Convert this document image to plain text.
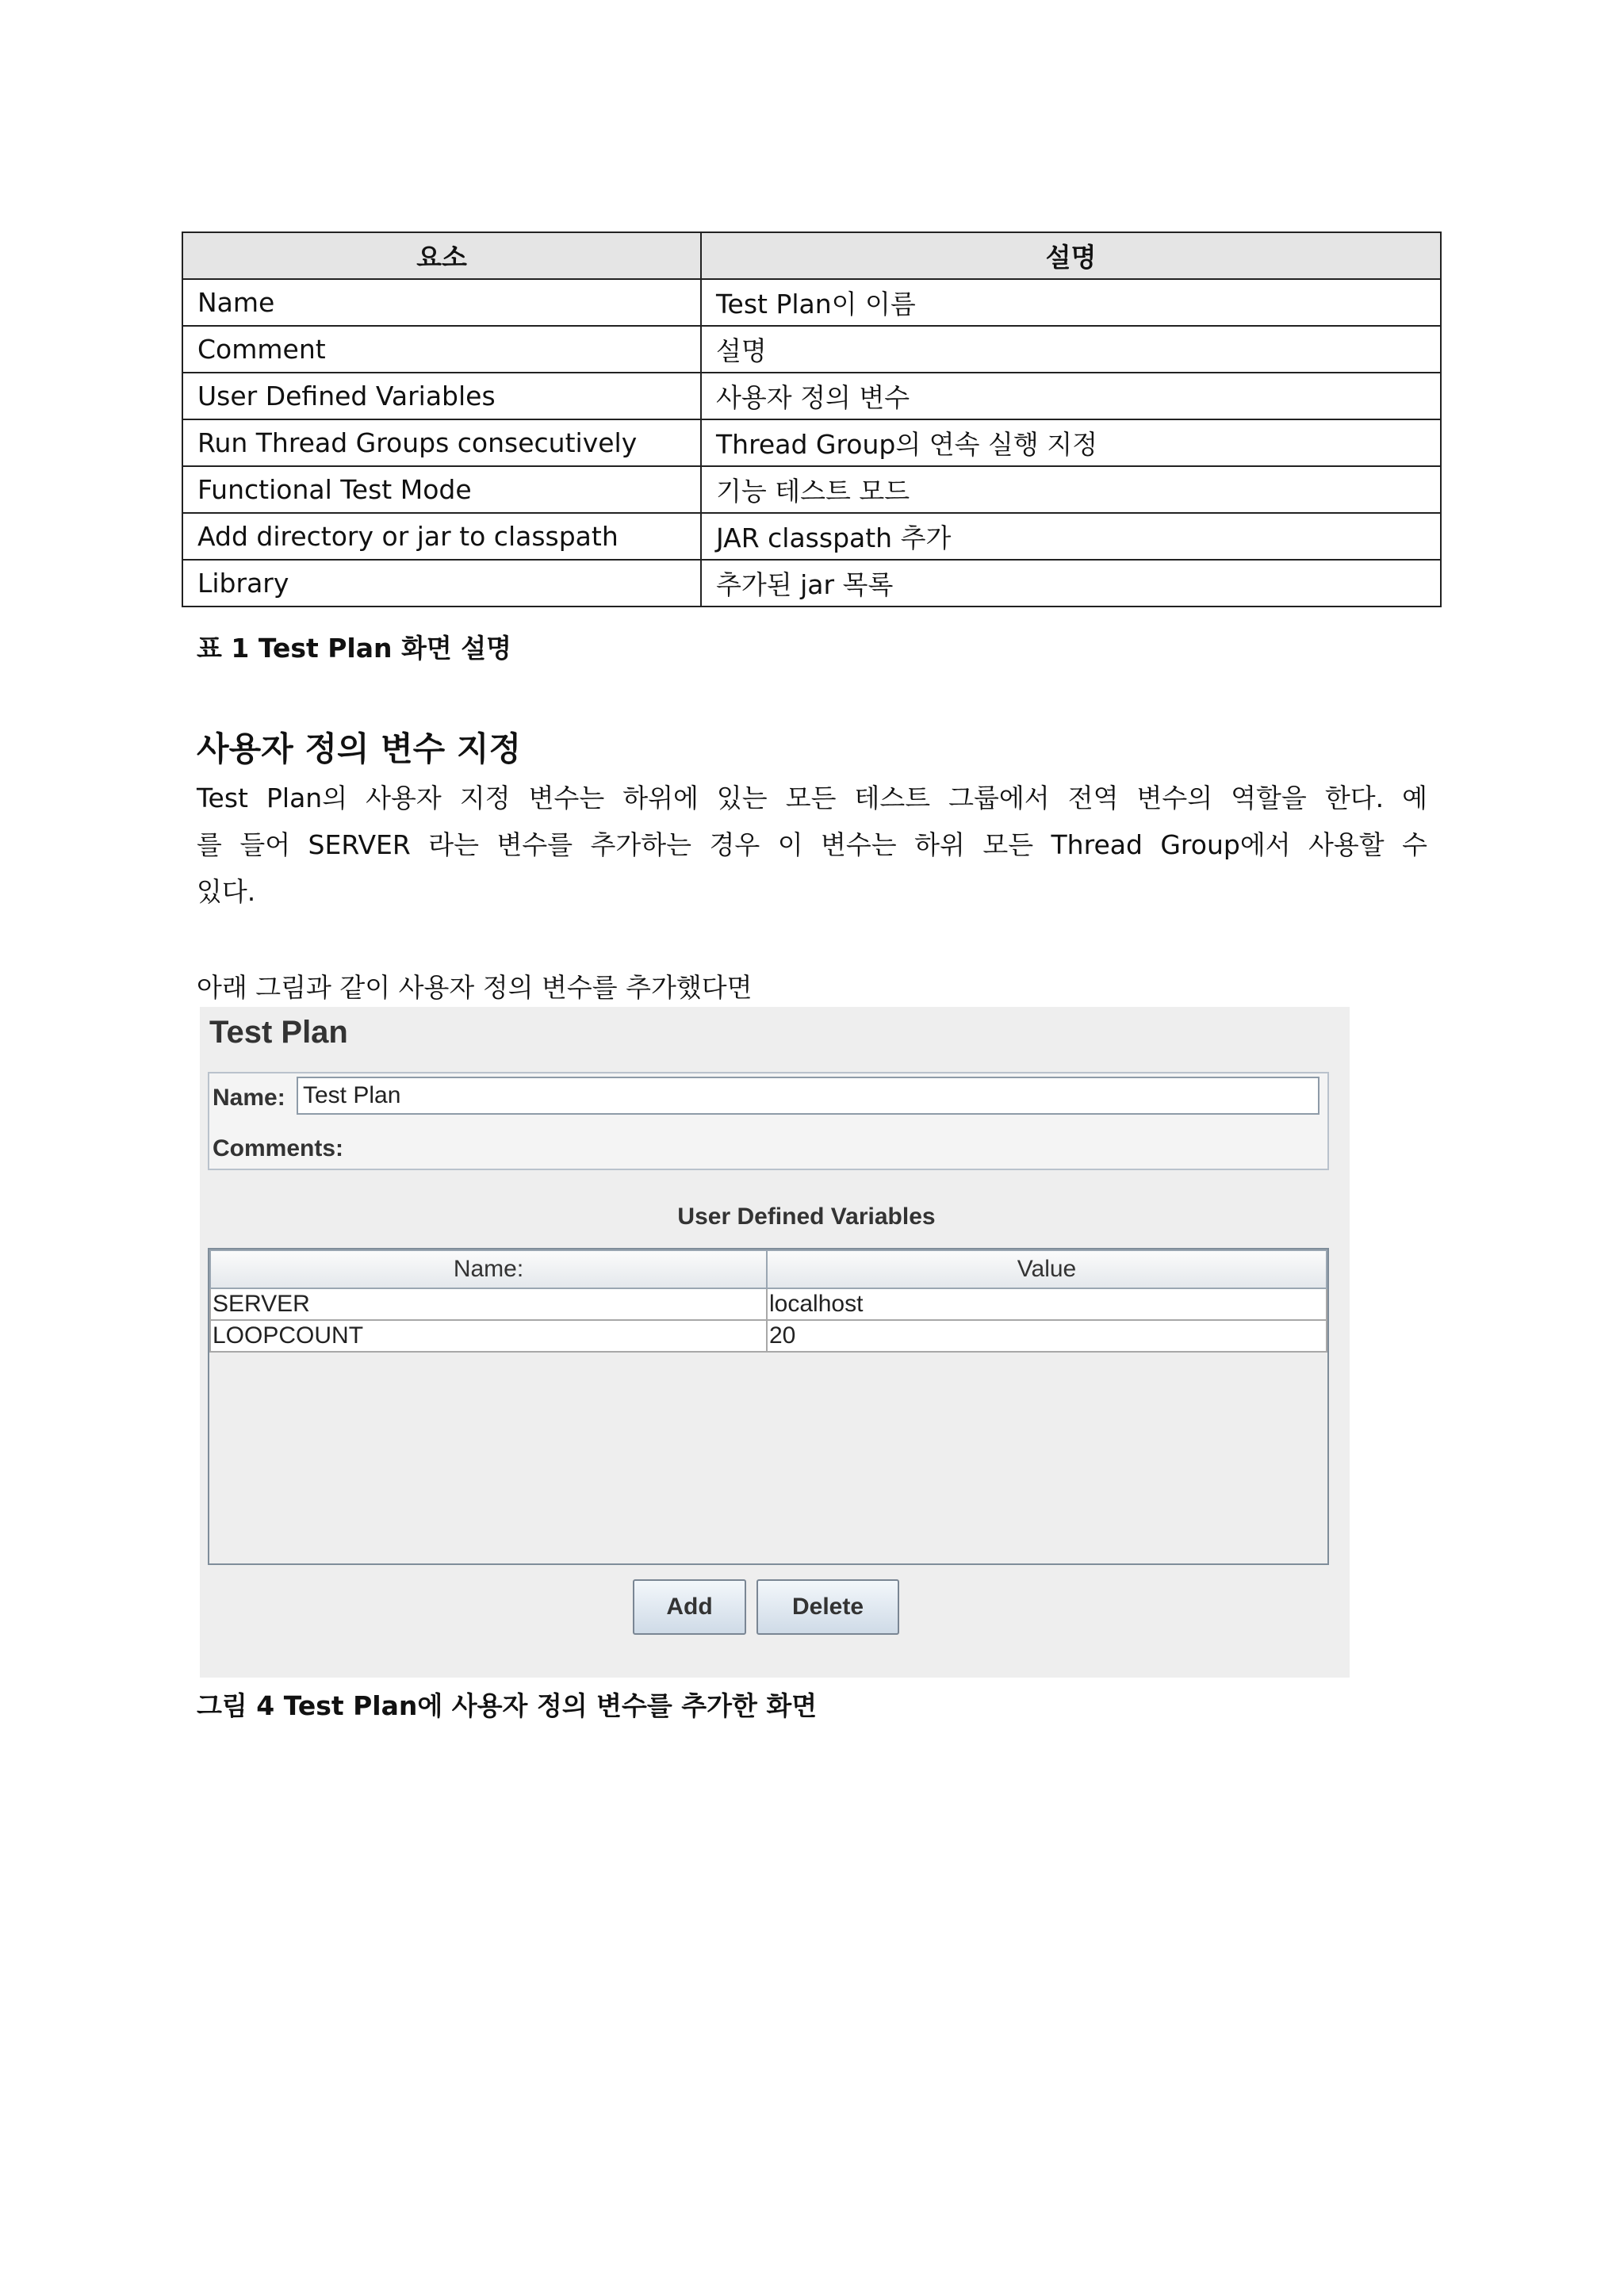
요소	설명
Name	Test Plan이 이름
Comment	설명
User Defined Variables	사용자 정의 변수
Run Thread Groups consecutively	Thread Group의 연속 실행 지정
Functional Test Mode	기능 테스트 모드
Add directory or jar to classpath	JAR classpath 추가
Library	추가된 jar 목록
표 1 Test Plan 화면 설명
사용자 정의 변수 지정
Test Plan의 사용자 지정 변수는 하위에 있는 모든 테스트 그룹에서 전역 변수의 역할을 한다. 예
를 들어 SERVER 라는 변수를 추가하는 경우 이 변수는 하위 모든 Thread Group에서 사용할 수
있다.
아래 그림과 같이 사용자 정의 변수를 추가했다면
Test Plan
Name: Test Plan
Comments:
User Defined Variables
Name:	Value
SERVER	localhost
LOOPCOUNT	20
Add	Delete
그림 4 Test Plan에 사용자 정의 변수를 추가한 화면
